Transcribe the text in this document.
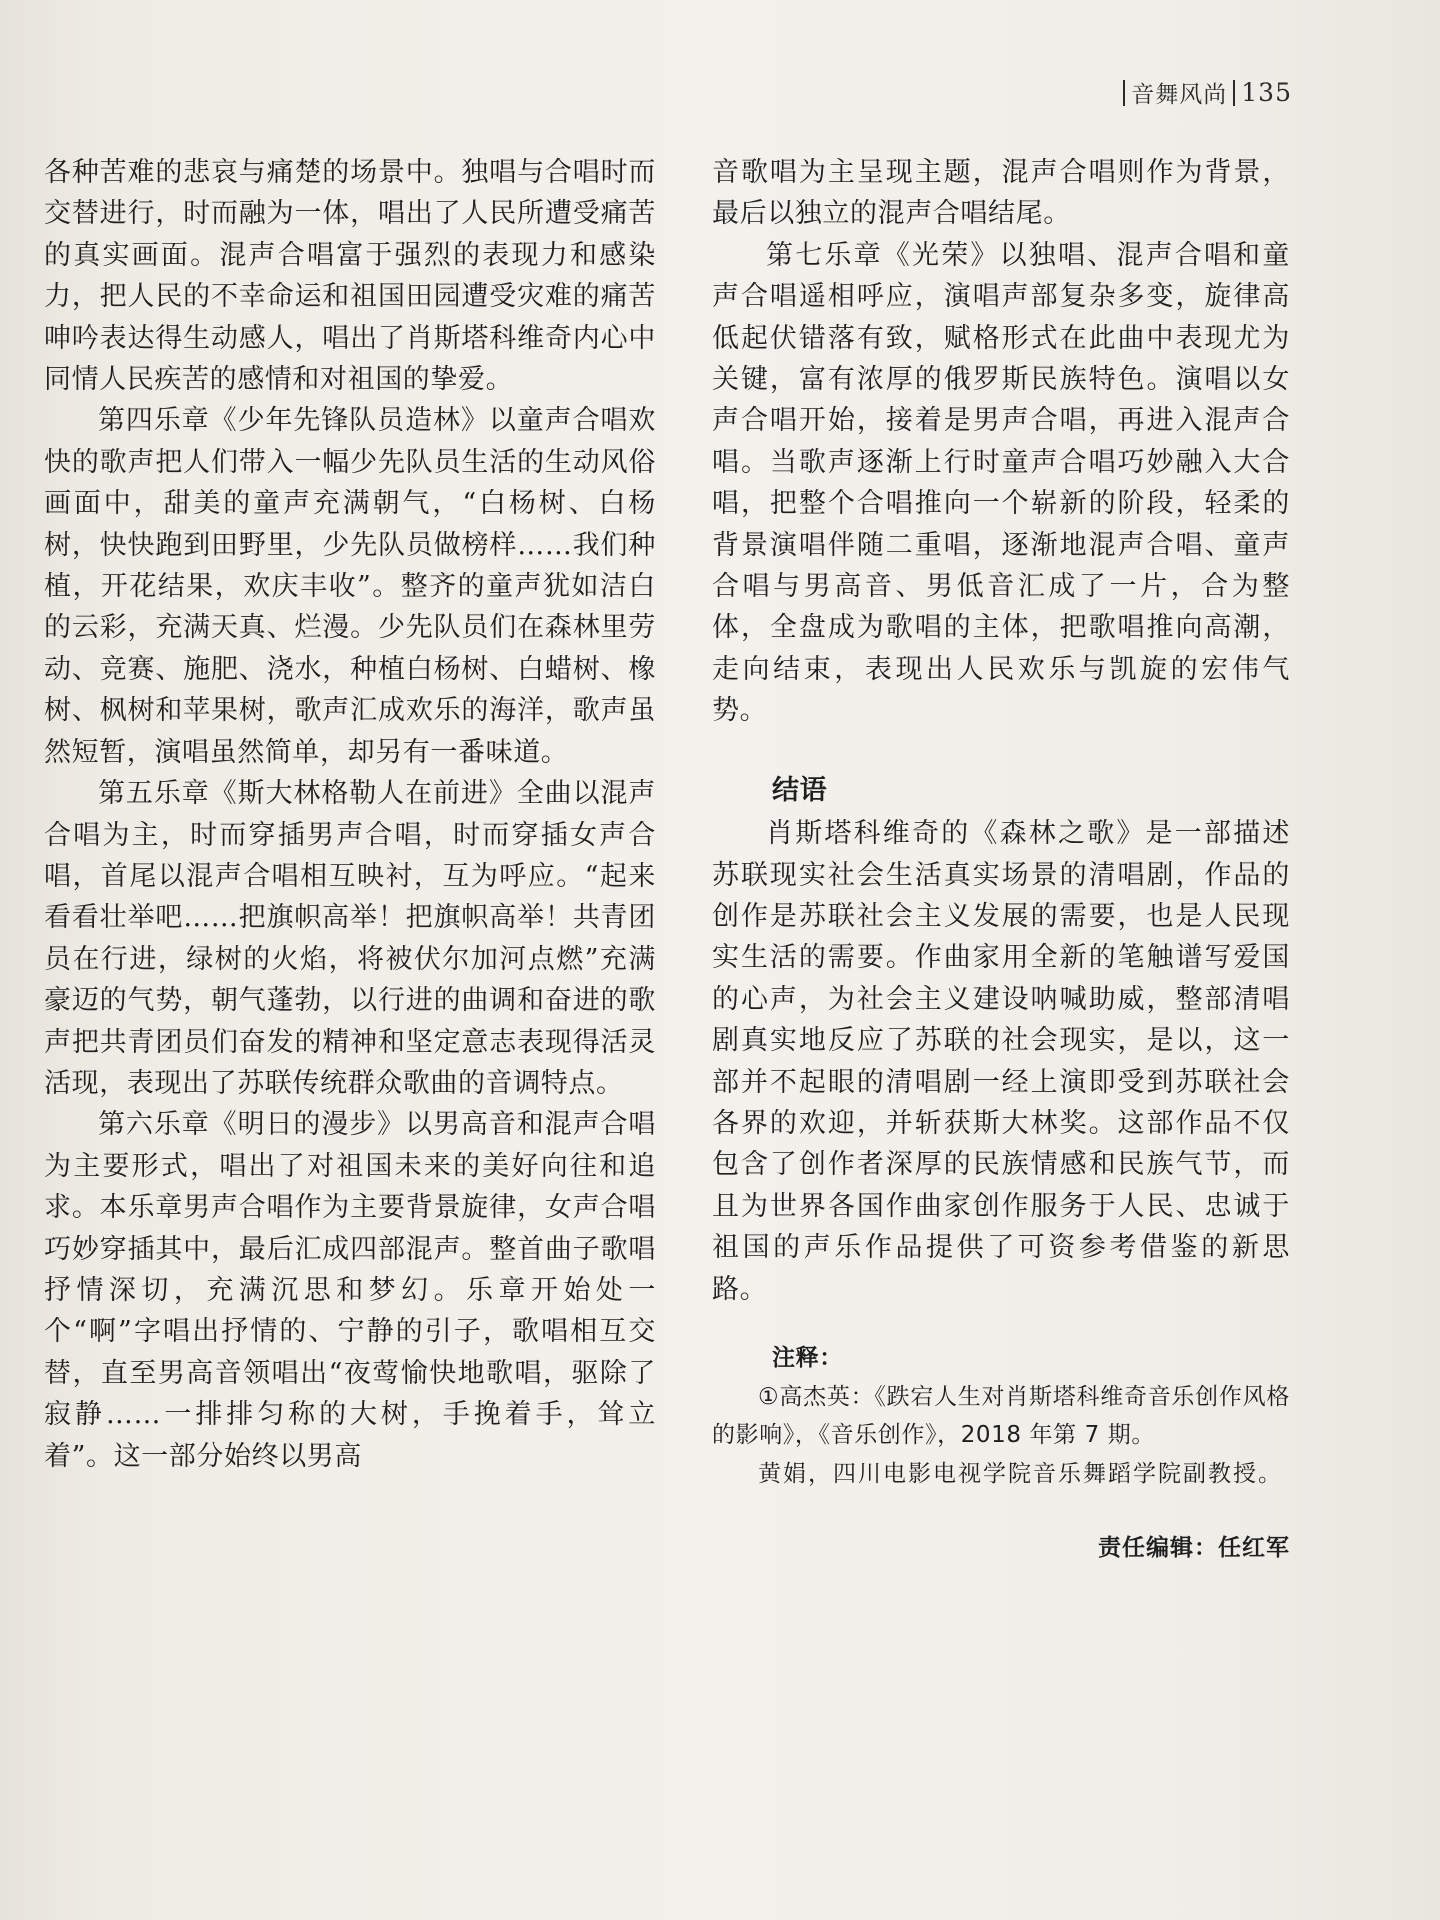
音舞风尚 135

各种苦难的悲哀与痛楚的场景中。独唱与合唱时而交替进行，时而融为一体，唱出了人民所遭受痛苦的真实画面。混声合唱富于强烈的表现力和感染力，把人民的不幸命运和祖国田园遭受灾难的痛苦呻吟表达得生动感人，唱出了肖斯塔科维奇内心中同情人民疾苦的感情和对祖国的挚爱。

第四乐章《少年先锋队员造林》以童声合唱欢快的歌声把人们带入一幅少先队员生活的生动风俗画面中，甜美的童声充满朝气，“白杨树、白杨树，快快跑到田野里，少先队员做榜样……我们种植，开花结果，欢庆丰收”。整齐的童声犹如洁白的云彩，充满天真、烂漫。少先队员们在森林里劳动、竞赛、施肥、浇水，种植白杨树、白蜡树、橡树、枫树和苹果树，歌声汇成欢乐的海洋，歌声虽然短暂，演唱虽然简单，却另有一番味道。

第五乐章《斯大林格勒人在前进》全曲以混声合唱为主，时而穿插男声合唱，时而穿插女声合唱，首尾以混声合唱相互映衬，互为呼应。“起来看看壮举吧……把旗帜高举！把旗帜高举！共青团员在行进，绿树的火焰，将被伏尔加河点燃”充满豪迈的气势，朝气蓬勃，以行进的曲调和奋进的歌声把共青团员们奋发的精神和坚定意志表现得活灵活现，表现出了苏联传统群众歌曲的音调特点。

第六乐章《明日的漫步》以男高音和混声合唱为主要形式，唱出了对祖国未来的美好向往和追求。本乐章男声合唱作为主要背景旋律，女声合唱巧妙穿插其中，最后汇成四部混声。整首曲子歌唱抒情深切，充满沉思和梦幻。乐章开始处一个“啊”字唱出抒情的、宁静的引子，歌唱相互交替，直至男高音领唱出“夜莺愉快地歌唱，驱除了寂静……一排排匀称的大树，手挽着手，耸立着”。这一部分始终以男高

音歌唱为主呈现主题，混声合唱则作为背景，最后以独立的混声合唱结尾。

第七乐章《光荣》以独唱、混声合唱和童声合唱遥相呼应，演唱声部复杂多变，旋律高低起伏错落有致，赋格形式在此曲中表现尤为关键，富有浓厚的俄罗斯民族特色。演唱以女声合唱开始，接着是男声合唱，再进入混声合唱。当歌声逐渐上行时童声合唱巧妙融入大合唱，把整个合唱推向一个崭新的阶段，轻柔的背景演唱伴随二重唱，逐渐地混声合唱、童声合唱与男高音、男低音汇成了一片，合为整体，全盘成为歌唱的主体，把歌唱推向高潮，走向结束，表现出人民欢乐与凯旋的宏伟气势。

结语

肖斯塔科维奇的《森林之歌》是一部描述苏联现实社会生活真实场景的清唱剧，作品的创作是苏联社会主义发展的需要，也是人民现实生活的需要。作曲家用全新的笔触谱写爱国的心声，为社会主义建设呐喊助威，整部清唱剧真实地反应了苏联的社会现实，是以，这一部并不起眼的清唱剧一经上演即受到苏联社会各界的欢迎，并斩获斯大林奖。这部作品不仅包含了创作者深厚的民族情感和民族气节，而且为世界各国作曲家创作服务于人民、忠诚于祖国的声乐作品提供了可资参考借鉴的新思路。

注释：

①高杰英：《跌宕人生对肖斯塔科维奇音乐创作风格的影响》，《音乐创作》，2018 年第 7 期。

黄娟，四川电影电视学院音乐舞蹈学院副教授。

责任编辑：任红军
